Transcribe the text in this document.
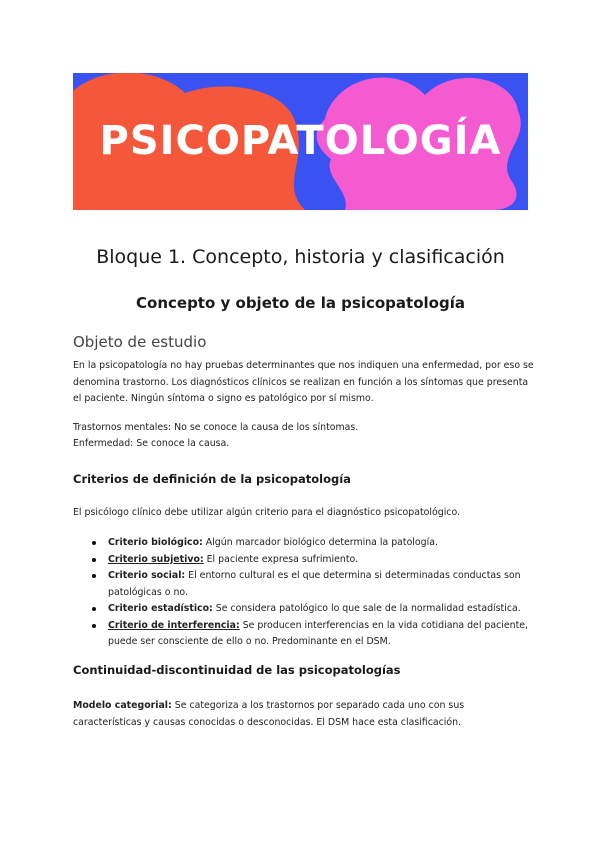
PSICOPATOLOGÍA
Bloque 1. Concepto, historia y clasificación
Concepto y objeto de la psicopatología
Objeto de estudio

En la psicopatología no hay pruebas determinantes que nos indiquen una enfermedad, por eso se denomina trastorno. Los diagnósticos clínicos se realizan en función a los síntomas que presenta el paciente. Ningún síntoma o signo es patológico por sí mismo.

Trastornos mentales: No se conoce la causa de los síntomas.

Enfermedad: Se conoce la causa.

Criterios de definición de la psicopatología

El psicólogo clínico debe utilizar algún criterio para el diagnóstico psicopatológico.

Criterio biológico: Algún marcador biológico determina la patología.
Criterio subjetivo: El paciente expresa sufrimiento.
Criterio social: El entorno cultural es el que determina si determinadas conductas son patológicas o no.
Criterio estadístico: Se considera patológico lo que sale de la normalidad estadística.
Criterio de interferencia: Se producen interferencias en la vida cotidiana del paciente, puede ser consciente de ello o no. Predominante en el DSM.
Continuidad-discontinuidad de las psicopatologías

Modelo categorial: Se categoriza a los trastornos por separado cada uno con sus características y causas conocidas o desconocidas. El DSM hace esta clasificación.
